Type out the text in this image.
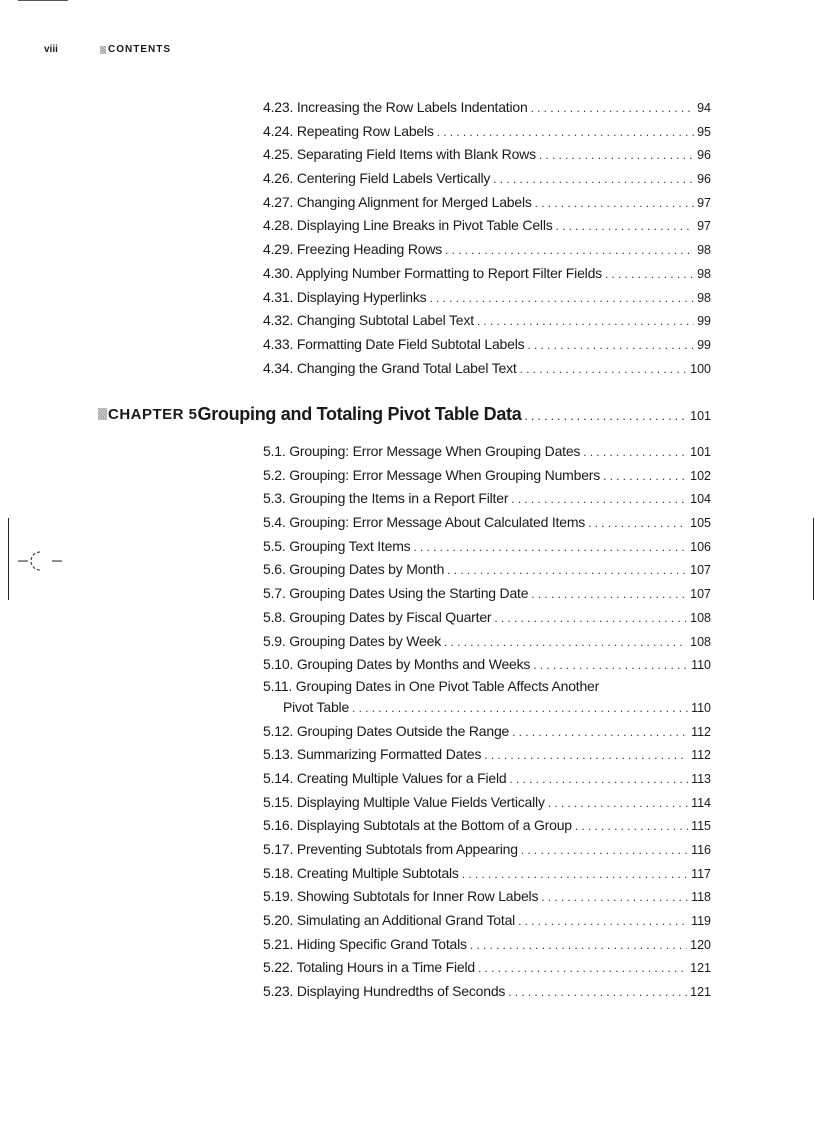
viii	CONTENTS
4.23. Increasing the Row Labels Indentation .....	94
4.24. Repeating Row Labels .....	95
4.25. Separating Field Items with Blank Rows .....	96
4.26. Centering Field Labels Vertically .....	96
4.27. Changing Alignment for Merged Labels .....	97
4.28. Displaying Line Breaks in Pivot Table Cells .....	97
4.29. Freezing Heading Rows .....	98
4.30. Applying Number Formatting to Report Filter Fields .....	98
4.31. Displaying Hyperlinks .....	98
4.32. Changing Subtotal Label Text .....	99
4.33. Formatting Date Field Subtotal Labels .....	99
4.34. Changing the Grand Total Label Text .....	100
CHAPTER 5 Grouping and Totaling Pivot Table Data .....	101
5.1. Grouping: Error Message When Grouping Dates .....	101
5.2. Grouping: Error Message When Grouping Numbers .....	102
5.3. Grouping the Items in a Report Filter .....	104
5.4. Grouping: Error Message About Calculated Items .....	105
5.5. Grouping Text Items .....	106
5.6. Grouping Dates by Month .....	107
5.7. Grouping Dates Using the Starting Date .....	107
5.8. Grouping Dates by Fiscal Quarter .....	108
5.9. Grouping Dates by Week .....	108
5.10. Grouping Dates by Months and Weeks .....	110
5.11. Grouping Dates in One Pivot Table Affects Another
Pivot Table .....	110
5.12. Grouping Dates Outside the Range .....	112
5.13. Summarizing Formatted Dates .....	112
5.14. Creating Multiple Values for a Field .....	113
5.15. Displaying Multiple Value Fields Vertically .....	114
5.16. Displaying Subtotals at the Bottom of a Group .....	115
5.17. Preventing Subtotals from Appearing .....	116
5.18. Creating Multiple Subtotals .....	117
5.19. Showing Subtotals for Inner Row Labels .....	118
5.20. Simulating an Additional Grand Total .....	119
5.21. Hiding Specific Grand Totals .....	120
5.22. Totaling Hours in a Time Field .....	121
5.23. Displaying Hundredths of Seconds .....	121
